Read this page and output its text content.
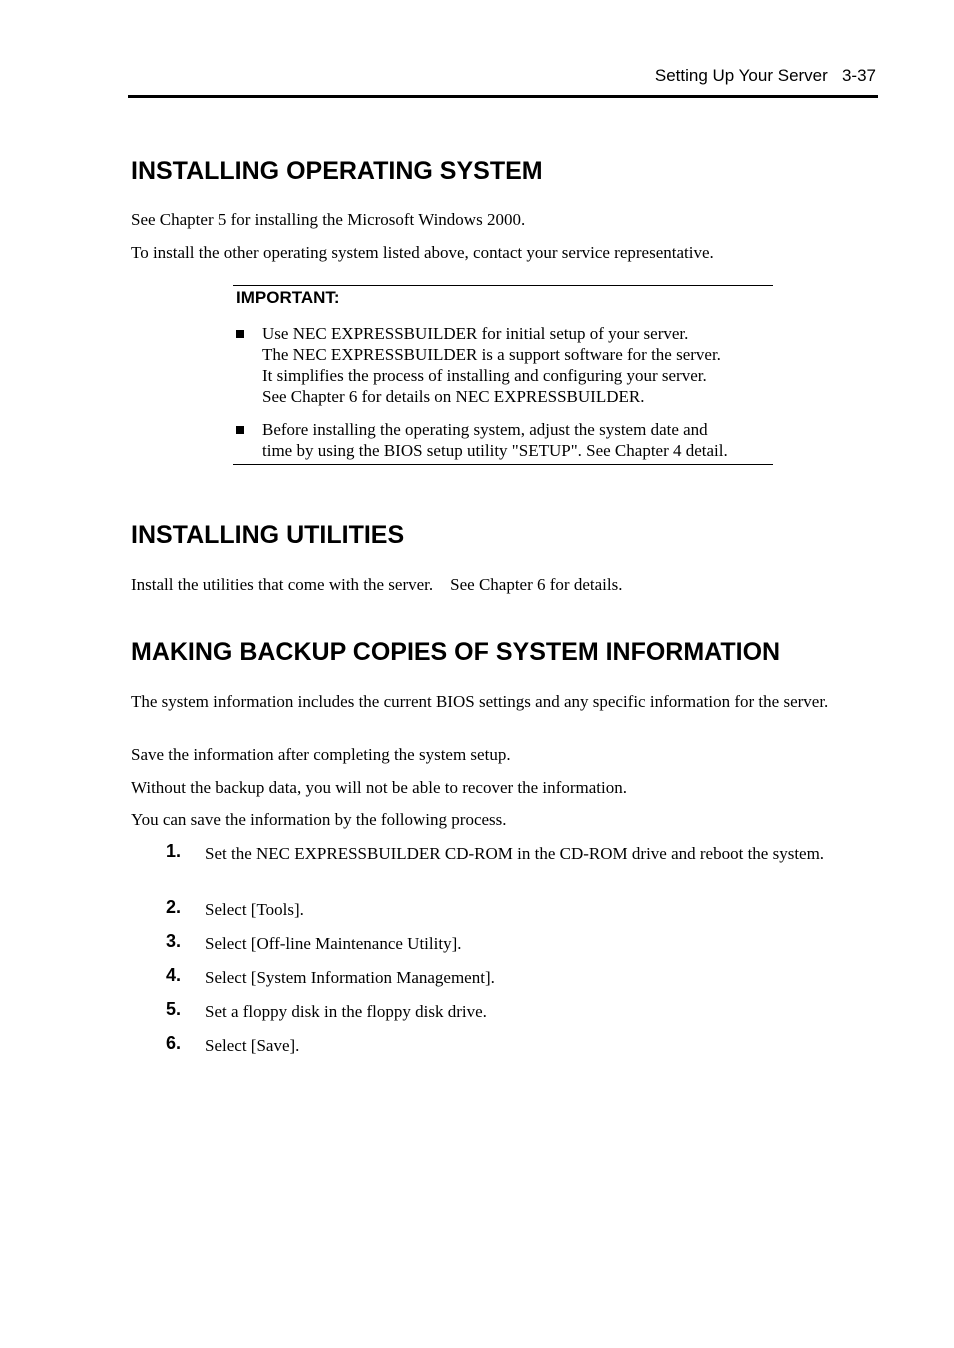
Setting Up Your Server   3-37
INSTALLING OPERATING SYSTEM

See Chapter 5 for installing the Microsoft Windows 2000.

To install the other operating system listed above, contact your service representative.

IMPORTANT:
Use NEC EXPRESSBUILDER for initial setup of your server.
The NEC EXPRESSBUILDER is a support software for the server.
It simplifies the process of installing and configuring your server.
See Chapter 6 for details on NEC EXPRESSBUILDER.
Before installing the operating system, adjust the system date and
time by using the BIOS setup utility "SETUP". See Chapter 4 detail.
INSTALLING UTILITIES

Install the utilities that come with the server.    See Chapter 6 for details.

MAKING BACKUP COPIES OF SYSTEM INFORMATION

The system information includes the current BIOS settings and any specific information for the server.

Save the information after completing the system setup.

Without the backup data, you will not be able to recover the information.

You can save the information by the following process.

1. Set the NEC EXPRESSBUILDER CD-ROM in the CD-ROM drive and reboot the system.
2. Select [Tools].
3. Select [Off-line Maintenance Utility].
4. Select [System Information Management].
5. Set a floppy disk in the floppy disk drive.
6. Select [Save].
